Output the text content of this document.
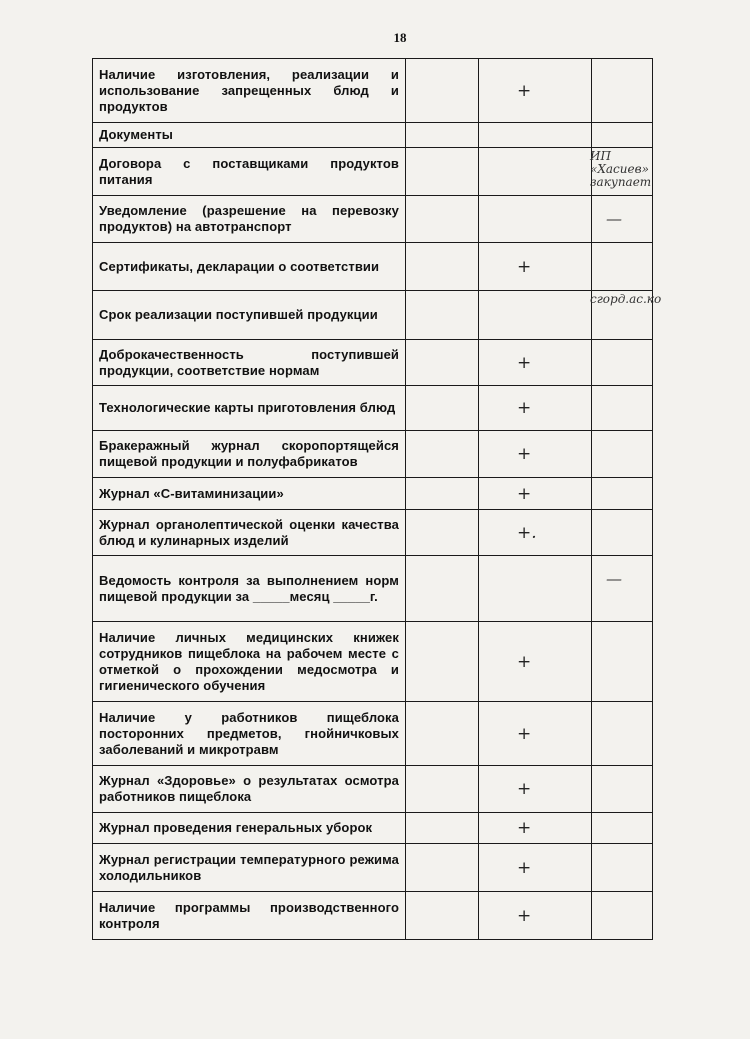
18
Наличие изготовления, реализации и использование запрещенных блюд и продуктов		+	

Документы			

Договора с поставщиками продуктов питания			ИП «Хасиев» закупает

Уведомление (разрешение на перевозку продуктов) на автотранспорт			—

Сертификаты, декларации о соответствии		+	

Срок реализации поступившей продукции			сгорд.ас.ко

Доброкачественность поступившей продукции, соответствие нормам		+	

Технологические карты приготовления блюд		+	

Бракеражный журнал скоропортящейся пищевой продукции и полуфабрикатов		+	

Журнал «С-витаминизации»		+	

Журнал органолептической оценки качества блюд и кулинарных изделий		+.	

Ведомость контроля за выполнением норм пищевой продукции за _____месяц _____г.			—

Наличие личных медицинских книжек сотрудников пищеблока на рабочем месте с отметкой о прохождении медосмотра и гигиенического обучения		+	

Наличие у работников пищеблока посторонних предметов, гнойничковых заболеваний и микротравм		+	

Журнал «Здоровье» о результатах осмотра работников пищеблока		+	

Журнал проведения генеральных уборок		+	

Журнал регистрации температурного режима холодильников		+	

Наличие программы производственного контроля		+	
